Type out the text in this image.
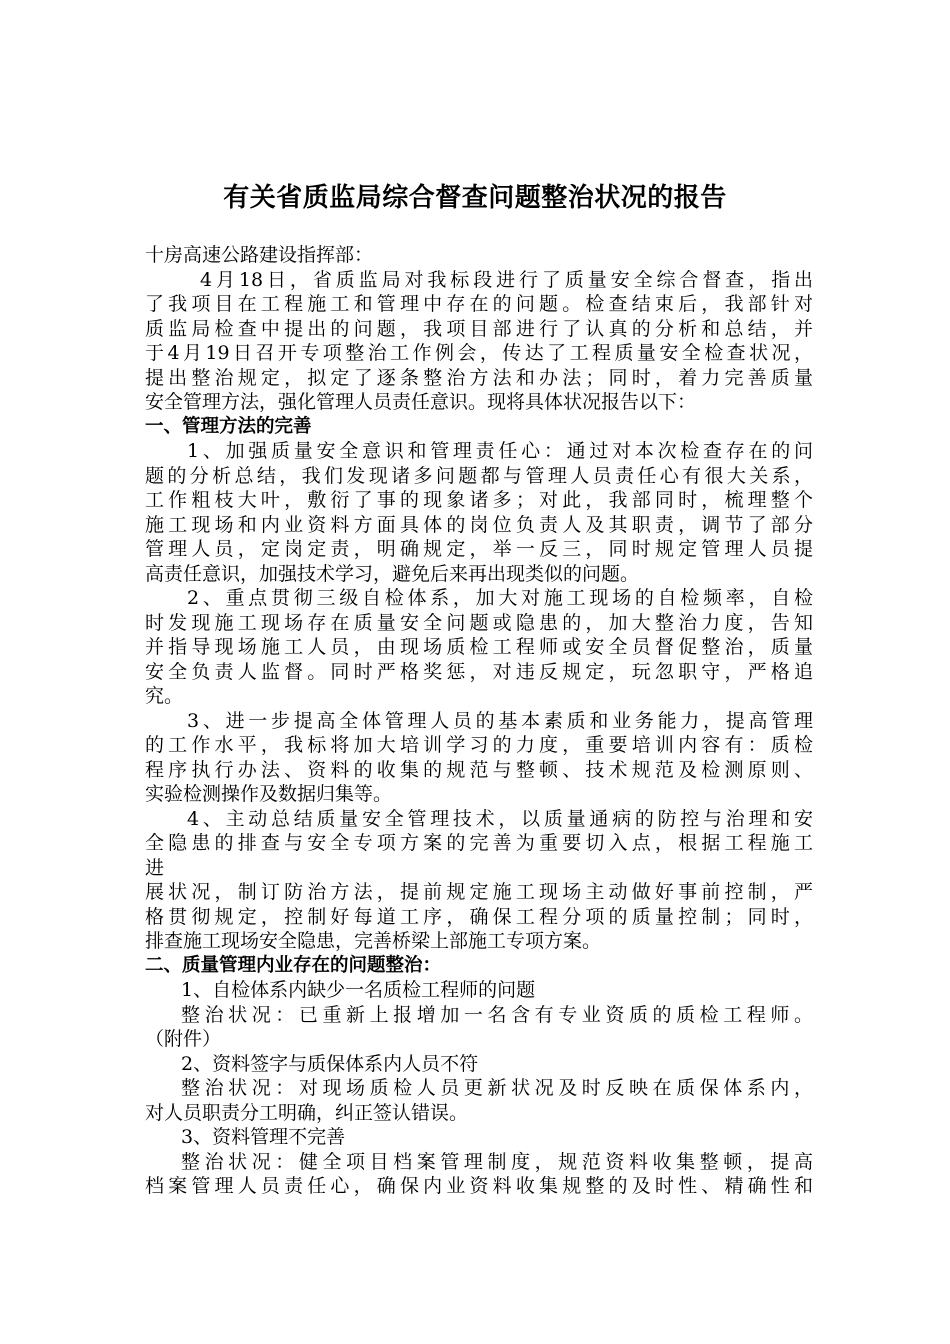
有关省质监局综合督查问题整治状况的报告
十房高速公路建设指挥部：
4月18日，省质监局对我标段进行了质量安全综合督查，指出
了我项目在工程施工和管理中存在的问题。检查结束后，我部针对
质监局检查中提出的问题，我项目部进行了认真的分析和总结，并
于4月19日召开专项整治工作例会，传达了工程质量安全检查状况，
提出整治规定，拟定了逐条整治方法和办法；同时，着力完善质量
安全管理方法，强化管理人员责任意识。现将具体状况报告以下：
一、管理方法的完善
1、加强质量安全意识和管理责任心：通过对本次检查存在的问
题的分析总结，我们发现诸多问题都与管理人员责任心有很大关系，
工作粗枝大叶，敷衍了事的现象诸多；对此，我部同时，梳理整个
施工现场和内业资料方面具体的岗位负责人及其职责，调节了部分
管理人员，定岗定责，明确规定，举一反三，同时规定管理人员提
高责任意识，加强技术学习，避免后来再出现类似的问题。
2、重点贯彻三级自检体系，加大对施工现场的自检频率，自检
时发现施工现场存在质量安全问题或隐患的，加大整治力度，告知
并指导现场施工人员，由现场质检工程师或安全员督促整治，质量
安全负责人监督。同时严格奖惩，对违反规定，玩忽职守，严格追
究。
3、进一步提高全体管理人员的基本素质和业务能力，提高管理
的工作水平，我标将加大培训学习的力度，重要培训内容有：质检
程序执行办法、资料的收集的规范与整顿、技术规范及检测原则、
实验检测操作及数据归集等。
4、主动总结质量安全管理技术，以质量通病的防控与治理和安
全隐患的排查与安全专项方案的完善为重要切入点，根据工程施工
进
展状况，制订防治方法，提前规定施工现场主动做好事前控制，严
格贯彻规定，控制好每道工序，确保工程分项的质量控制；同时，
排查施工现场安全隐患，完善桥梁上部施工专项方案。
二、质量管理内业存在的问题整治：
1、自检体系内缺少一名质检工程师的问题
整治状况：已重新上报增加一名含有专业资质的质检工程师。
（附件）
2、资料签字与质保体系内人员不符
整治状况：对现场质检人员更新状况及时反映在质保体系内，
对人员职责分工明确，纠正签认错误。
3、资料管理不完善
整治状况：健全项目档案管理制度，规范资料收集整顿，提高
档案管理人员责任心，确保内业资料收集规整的及时性、精确性和
